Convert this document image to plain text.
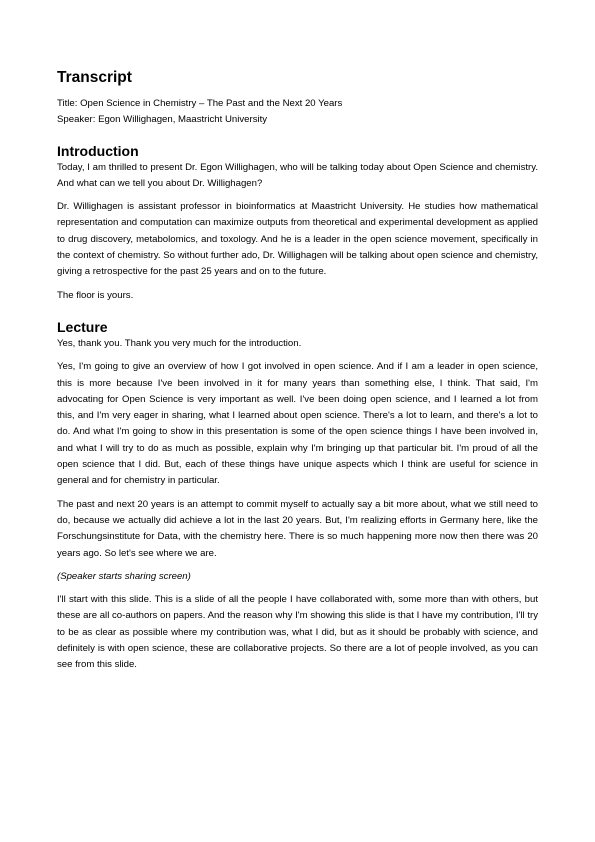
Transcript

Title: Open Science in Chemistry – The Past and the Next 20 Years

Speaker: Egon Willighagen, Maastricht University

Introduction

Today, I am thrilled to present Dr. Egon Willighagen, who will be talking today about Open Science and chemistry. And what can we tell you about Dr. Willighagen?

Dr. Willighagen is assistant professor in bioinformatics at Maastricht University. He studies how mathematical representation and computation can maximize outputs from theoretical and experimental development as applied to drug discovery, metabolomics, and toxology. And he is a leader in the open science movement, specifically in the context of chemistry. So without further ado, Dr. Willighagen will be talking about open science and chemistry, giving a retrospective for the past 25 years and on to the future.

The floor is yours.

Lecture

Yes, thank you. Thank you very much for the introduction.

Yes, I'm going to give an overview of how I got involved in open science. And if I am a leader in open science, this is more because I've been involved in it for many years than something else, I think. That said, I'm advocating for Open Science is very important as well. I've been doing open science, and I learned a lot from this, and I'm very eager in sharing, what I learned about open science. There's a lot to learn, and there's a lot to do. And what I'm going to show in this presentation is some of the open science things I have been involved in, and what I will try to do as much as possible, explain why I'm bringing up that particular bit. I'm proud of all the open science that I did. But, each of these things have unique aspects which I think are useful for science in general and for chemistry in particular.

The past and next 20 years is an attempt to commit myself to actually say a bit more about, what we still need to do, because we actually did achieve a lot in the last 20 years. But, I'm realizing efforts in Germany here, like the Forschungsinstitute for Data, with the chemistry here. There is so much happening more now then there was 20 years ago. So let's see where we are.

(Speaker starts sharing screen)

I'll start with this slide. This is a slide of all the people I have collaborated with, some more than with others, but these are all co-authors on papers. And the reason why I'm showing this slide is that I have my contribution, I'll try to be as clear as possible where my contribution was, what I did, but as it should be probably with science, and definitely is with open science, these are collaborative projects. So there are a lot of people involved, as you can see from this slide.
